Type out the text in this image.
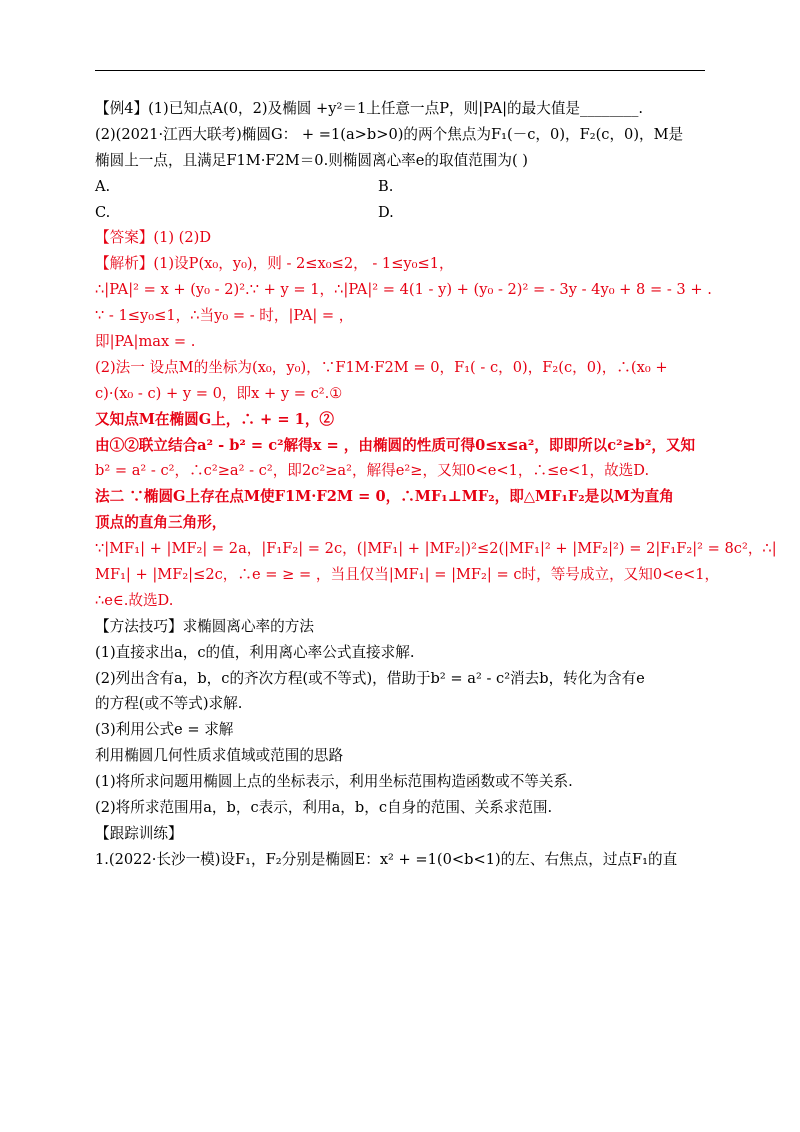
【例4】(1)已知点A(0，2)及椭圆 +y²＝1上任意一点P，则|PA|的最大值是________.
(2)(2021·江西大联考)椭圆G： + =1(a>b>0)的两个焦点为F₁(－c，0)，F₂(c，0)，M是
椭圆上一点，且满足F1M·F2M＝0.则椭圆离心率e的取值范围为( )
A.	B.
C.	D.
【答案】(1) (2)D
【解析】(1)设P(x₀，y₀)，则 - 2≤x₀≤2， - 1≤y₀≤1，
∴|PA|² = x + (y₀ - 2)².∵ + y = 1，∴|PA|² = 4(1 - y) + (y₀ - 2)² = - 3y - 4y₀ + 8 = - 3 + .
∵ - 1≤y₀≤1，∴当y₀ = - 时，|PA| = ，
即|PA|max = .
(2)法一 设点M的坐标为(x₀，y₀)，∵F1M·F2M = 0，F₁( - c，0)，F₂(c，0)，∴(x₀ +
c)·(x₀ - c) + y = 0，即x + y = c².①
又知点M在椭圆G上，∴ + = 1，②
由①②联立结合a² - b² = c²解得x = ，由椭圆的性质可得0≤x≤a²，即即所以c²≥b²，又知
b² = a² - c²，∴c²≥a² - c²，即2c²≥a²，解得e²≥，又知0<e<1，∴≤e<1，故选D.
法二 ∵椭圆G上存在点M使F1M·F2M = 0，∴MF₁⊥MF₂，即△MF₁F₂是以M为直角
顶点的直角三角形，
∵|MF₁| + |MF₂| = 2a，|F₁F₂| = 2c，(|MF₁| + |MF₂|)²≤2(|MF₁|² + |MF₂|²) = 2|F₁F₂|² = 8c²，∴|
MF₁| + |MF₂|≤2c，∴e = ≥ = ，当且仅当|MF₁| = |MF₂| = c时，等号成立，又知0<e<1，
∴e∈.故选D.
【方法技巧】求椭圆离心率的方法
(1)直接求出a，c的值，利用离心率公式直接求解.
(2)列出含有a，b，c的齐次方程(或不等式)，借助于b² = a² - c²消去b，转化为含有e
的方程(或不等式)求解.
(3)利用公式e = 求解
利用椭圆几何性质求值域或范围的思路
(1)将所求问题用椭圆上点的坐标表示，利用坐标范围构造函数或不等关系.
(2)将所求范围用a，b，c表示，利用a，b，c自身的范围、关系求范围.
【跟踪训练】
1.(2022·长沙一模)设F₁，F₂分别是椭圆E：x² + =1(0<b<1)的左、右焦点，过点F₁的直
